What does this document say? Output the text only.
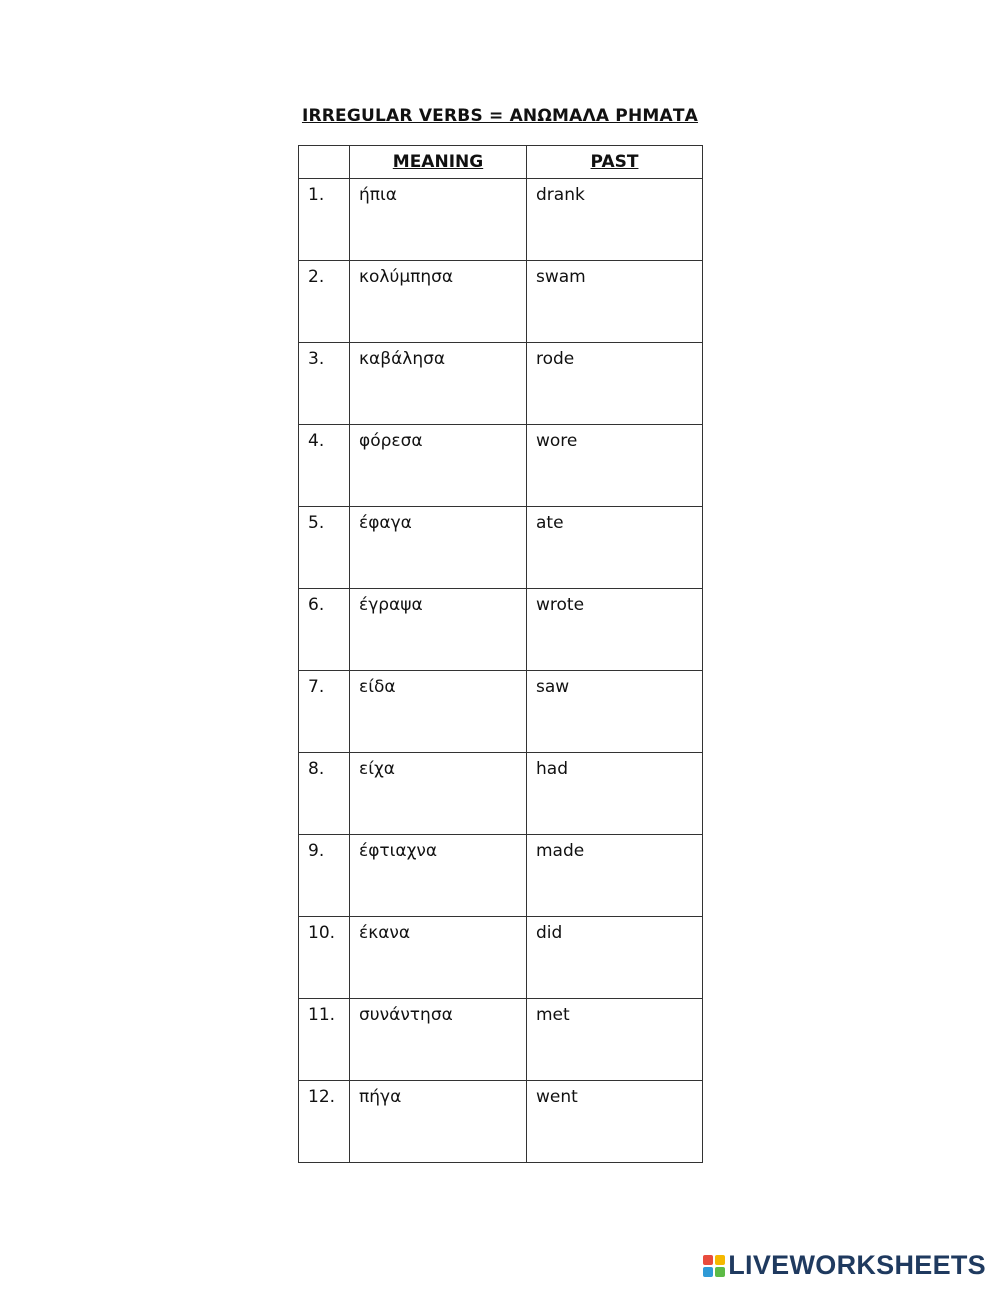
IRREGULAR VERBS = ΑΝΩΜΑΛΑ ΡΗΜΑΤΑ
	MEANING	PAST
1.	ήπια	drank
2.	κολύμπησα	swam
3.	καβάλησα	rode
4.	φόρεσα	wore
5.	έφαγα	ate
6.	έγραψα	wrote
7.	είδα	saw
8.	είχα	had
9.	έφτιαχνα	made
10.	έκανα	did
11.	συνάντησα	met
12.	πήγα	went
LIVEWORKSHEETS
